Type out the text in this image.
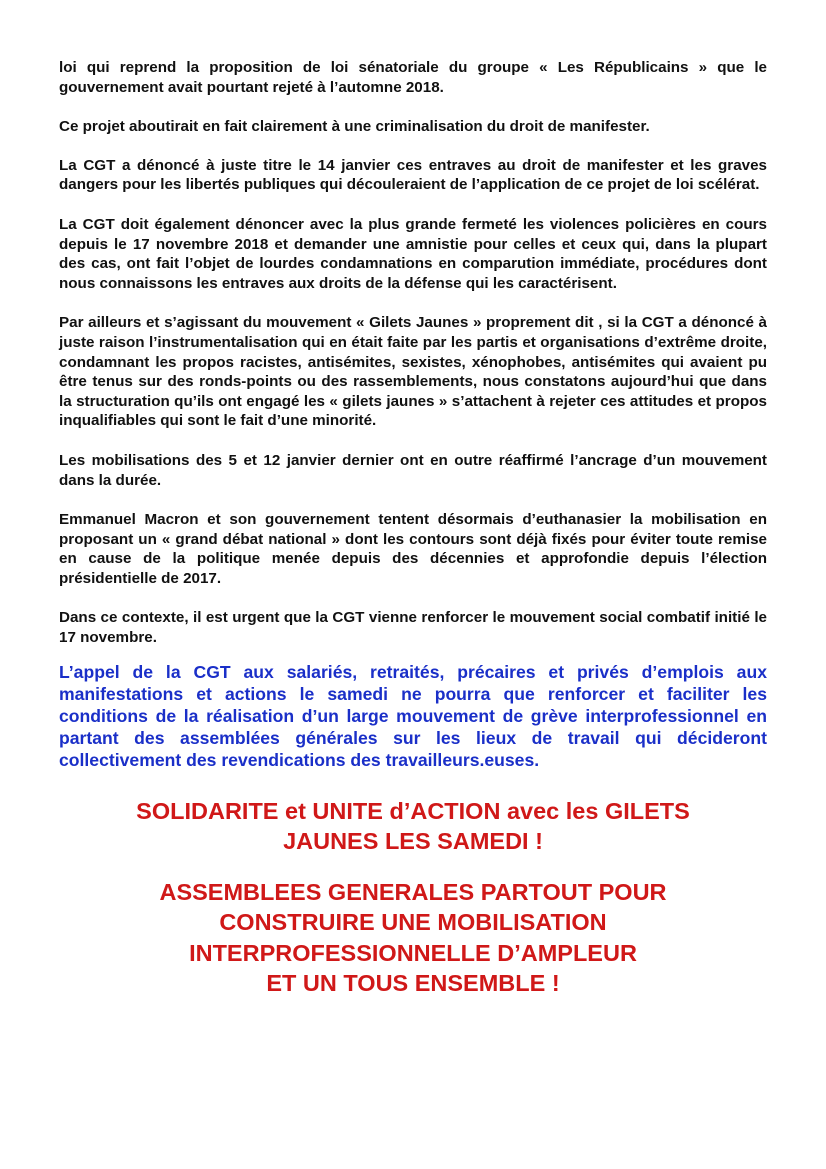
loi qui reprend la proposition de loi sénatoriale du groupe « Les Républicains » que le gouvernement avait pourtant rejeté à l’automne 2018.

Ce projet aboutirait en fait clairement à une criminalisation du droit de manifester.

La CGT a dénoncé à juste titre le 14 janvier ces entraves au droit de manifester et les graves dangers pour les libertés publiques qui découleraient de l’application de ce projet de loi scélérat.

La CGT doit également dénoncer avec la plus grande fermeté les violences policières en cours depuis le 17 novembre 2018 et demander une amnistie pour celles et ceux qui, dans la plupart des cas, ont fait l’objet de lourdes condamnations en comparution immédiate, procédures dont nous connaissons les entraves aux droits de la défense qui les caractérisent.

Par ailleurs et s’agissant du mouvement « Gilets Jaunes » proprement dit , si la CGT a dénoncé à juste raison l’instrumentalisation qui en était faite par les partis et organisations d’extrême droite, condamnant les propos racistes, antisémites, sexistes, xénophobes, antisémites qui avaient pu être tenus sur des ronds-points ou des rassemblements, nous constatons aujourd’hui que dans la structuration qu’ils ont engagé les « gilets jaunes » s’attachent à rejeter ces attitudes et propos inqualifiables qui sont le fait d’une minorité.

Les mobilisations des 5 et 12 janvier dernier ont en outre réaffirmé l’ancrage d’un mouvement dans la durée.

Emmanuel Macron et son gouvernement tentent désormais d’euthanasier la mobilisation en proposant un « grand débat national » dont les contours sont déjà fixés pour éviter toute remise en cause de la politique menée depuis des décennies et approfondie depuis l’élection présidentielle de 2017.

Dans ce contexte, il est urgent que la CGT vienne renforcer le mouvement social combatif initié le 17 novembre.

L’appel de la CGT aux salariés, retraités, précaires et privés d’emplois aux manifestations et actions le samedi ne pourra que renforcer et faciliter les conditions de la réalisation d’un large mouvement de grève interprofessionnel en partant des assemblées générales sur les lieux de travail qui décideront collectivement des revendications des travailleurs.euses.

SOLIDARITE et UNITE d’ACTION avec les GILETS
JAUNES LES SAMEDI !
ASSEMBLEES GENERALES PARTOUT POUR
CONSTRUIRE UNE MOBILISATION
INTERPROFESSIONNELLE D’AMPLEUR
ET UN TOUS ENSEMBLE !
